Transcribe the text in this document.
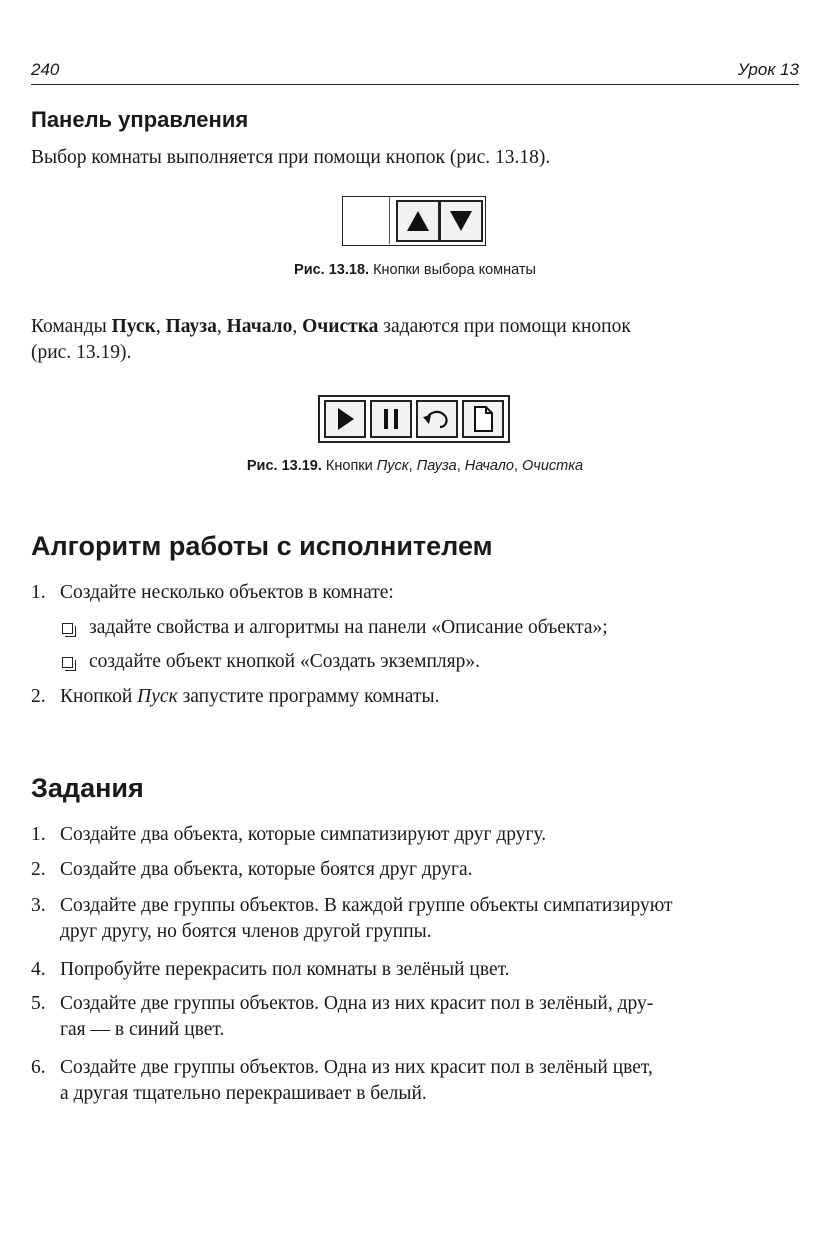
240	Урок 13
Панель управления

Выбор комнаты выполняется при помощи кнопок (рис. 13.18).

Рис. 13.18. Кнопки выбора комнаты

Команды Пуск, Пауза, Начало, Очистка задаются при помощи кнопок
(рис. 13.19).

Рис. 13.19. Кнопки Пуск, Пауза, Начало, Очистка

Алгоритм работы с исполнителем
1. Создайте несколько объектов в комнате:
задайте свойства и алгоритмы на панели «Описание объекта»;
создайте объект кнопкой «Создать экземпляр».
2. Кнопкой Пуск запустите программу комнаты.
Задания
1. Создайте два объекта, которые симпатизируют друг другу.
2. Создайте два объекта, которые боятся друг друга.
3. Создайте две группы объектов. В каждой группе объекты симпатизируют
друг другу, но боятся членов другой группы.
4. Попробуйте перекрасить пол комнаты в зелёный цвет.
5. Создайте две группы объектов. Одна из них красит пол в зелёный, дру-
гая — в синий цвет.
6. Создайте две группы объектов. Одна из них красит пол в зелёный цвет,
а другая тщательно перекрашивает в белый.
